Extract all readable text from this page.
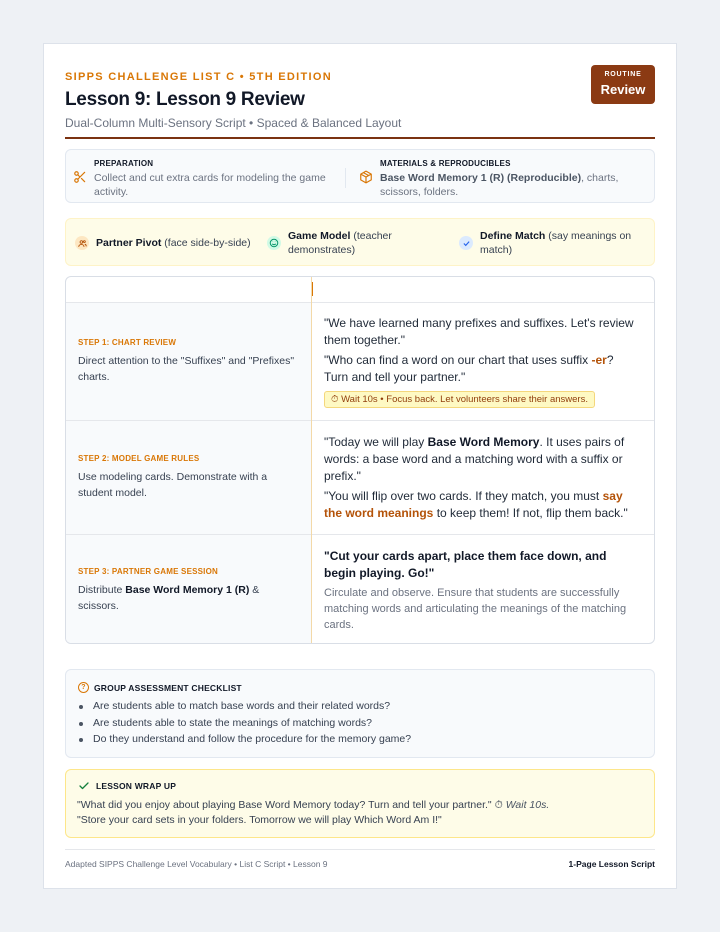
SIPPS CHALLENGE LIST C • 5TH EDITION
Lesson 9: Lesson 9 Review
Dual-Column Multi-Sensory Script • Spaced & Balanced Layout
ROUTINE
Review
PREPARATION
Collect and cut extra cards for modeling the game activity.
MATERIALS & REPRODUCIBLES
Base Word Memory 1 (R) (Reproducible), charts, scissors, folders.
Partner Pivot (face side-by-side)
Game Model (teacher demonstrates)
Define Match (say meanings on match)
STEP 1: CHART REVIEW
Direct attention to the "Suffixes" and "Prefixes" charts.
"We have learned many prefixes and suffixes. Let's review them together."
"Who can find a word on our chart that uses suffix -er? Turn and tell your partner."
⏱ Wait 10s • Focus back. Let volunteers share their answers.
STEP 2: MODEL GAME RULES
Use modeling cards. Demonstrate with a student model.
"Today we will play Base Word Memory. It uses pairs of words: a base word and a matching word with a suffix or prefix."
"You will flip over two cards. If they match, you must say the word meanings to keep them! If not, flip them back."
STEP 3: PARTNER GAME SESSION
Distribute Base Word Memory 1 (R) & scissors.
"Cut your cards apart, place them face down, and begin playing. Go!"
Circulate and observe. Ensure that students are successfully matching words and articulating the meanings of the matching cards.
? GROUP ASSESSMENT CHECKLIST
Are students able to match base words and their related words?
Are students able to state the meanings of matching words?
Do they understand and follow the procedure for the memory game?
LESSON WRAP UP
"What did you enjoy about playing Base Word Memory today? Turn and tell your partner." ⏱ Wait 10s.
"Store your card sets in your folders. Tomorrow we will play Which Word Am I!"
Adapted SIPPS Challenge Level Vocabulary • List C Script • Lesson 9	1-Page Lesson Script
